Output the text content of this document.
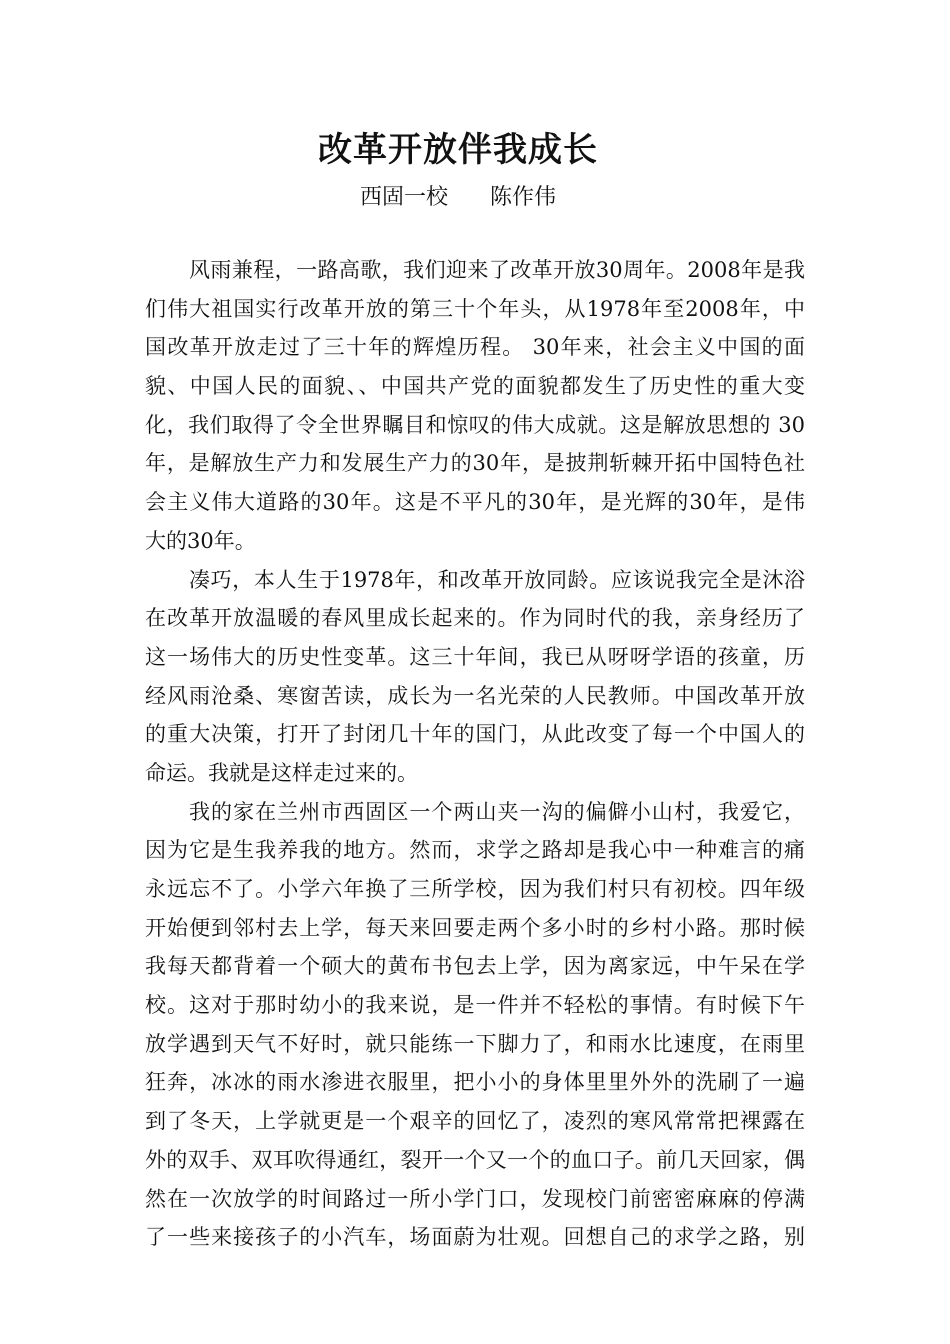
改革开放伴我成长
西固一校      陈作伟
风雨兼程，一路高歌，我们迎来了改革开放30周年。2008年是我
们伟大祖国实行改革开放的第三十个年头，从1978年至2008年，中
国改革开放走过了三十年的辉煌历程。 30年来，社会主义中国的面
貌、中国人民的面貌、、中国共产党的面貌都发生了历史性的重大变
化，我们取得了令全世界瞩目和惊叹的伟大成就。这是解放思想的 30
年，是解放生产力和发展生产力的30年，是披荆斩棘开拓中国特色社
会主义伟大道路的30年。这是不平凡的30年，是光辉的30年，是伟
大的30年。
凑巧，本人生于1978年，和改革开放同龄。应该说我完全是沐浴
在改革开放温暖的春风里成长起来的。作为同时代的我，亲身经历了
这一场伟大的历史性变革。这三十年间，我已从呀呀学语的孩童，历
经风雨沧桑、寒窗苦读，成长为一名光荣的人民教师。中国改革开放
的重大决策，打开了封闭几十年的国门，从此改变了每一个中国人的
命运。我就是这样走过来的。
我的家在兰州市西固区一个两山夹一沟的偏僻小山村，我爱它，
因为它是生我养我的地方。然而，求学之路却是我心中一种难言的痛
永远忘不了。小学六年换了三所学校，因为我们村只有初校。四年级
开始便到邻村去上学，每天来回要走两个多小时的乡村小路。那时候
我每天都背着一个硕大的黄布书包去上学，因为离家远，中午呆在学
校。这对于那时幼小的我来说，是一件并不轻松的事情。有时候下午
放学遇到天气不好时，就只能练一下脚力了，和雨水比速度，在雨里
狂奔，冰冰的雨水渗进衣服里，把小小的身体里里外外的洗刷了一遍
到了冬天，上学就更是一个艰辛的回忆了，凌烈的寒风常常把裸露在
外的双手、双耳吹得通红，裂开一个又一个的血口子。前几天回家，偶
然在一次放学的时间路过一所小学门口，发现校门前密密麻麻的停满
了一些来接孩子的小汽车，场面蔚为壮观。回想自己的求学之路，别
